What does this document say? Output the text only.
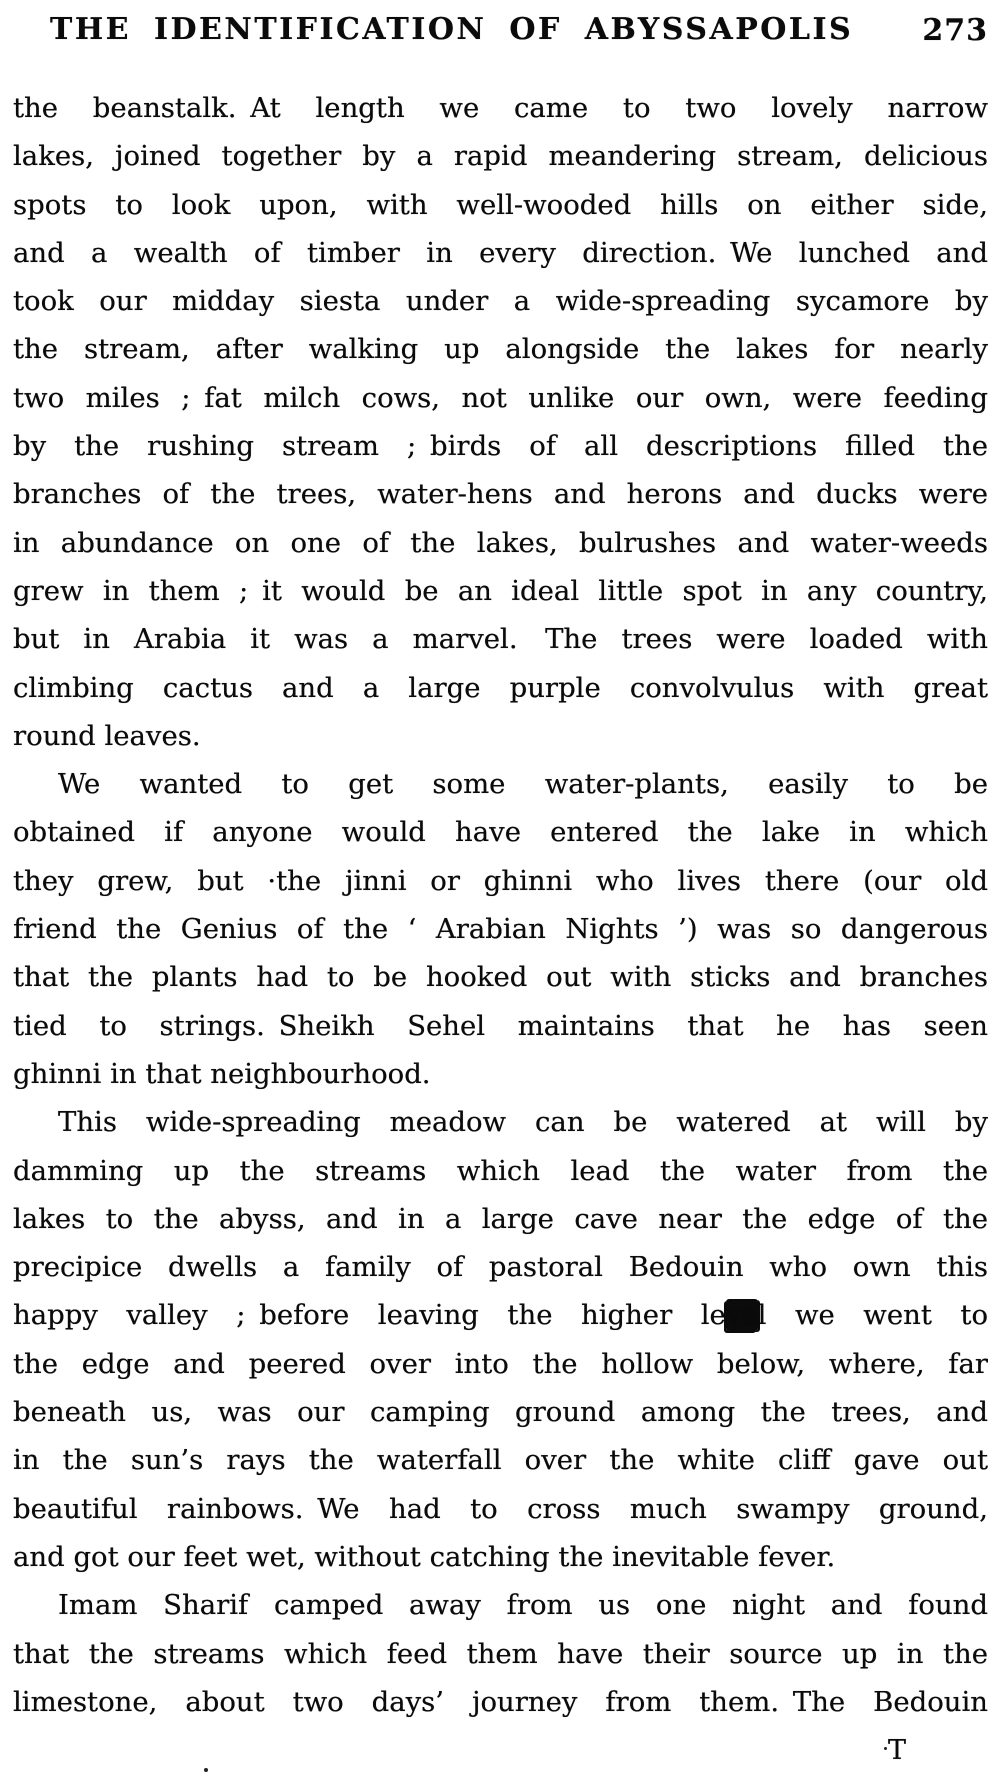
THE IDENTIFICATION OF ABYSSAPOLIS 273
the beanstalk. At length we came to two lovely narrow
lakes, joined together by a rapid meandering stream, delicious
spots to look upon, with well-wooded hills on either side,
and a wealth of timber in every direction. We lunched and
took our midday siesta under a wide-spreading sycamore by
the stream, after walking up alongside the lakes for nearly
two miles ; fat milch cows, not unlike our own, were feeding
by the rushing stream ; birds of all descriptions filled the
branches of the trees, water-hens and herons and ducks were
in abundance on one of the lakes, bulrushes and water-weeds
grew in them ; it would be an ideal little spot in any country,
but in Arabia it was a marvel.  The trees were loaded with
climbing cactus and a large purple convolvulus with great
round leaves.
We wanted to get some water-plants, easily to be
obtained if anyone would have entered the lake in which
they grew, but ·the jinni or ghinni who lives there (our old
friend the Genius of the ‘ Arabian Nights ’) was so dangerous
that the plants had to be hooked out with sticks and branches
tied to strings. Sheikh Sehel maintains that he has seen
ghinni in that neighbourhood.
This wide-spreading meadow can be watered at will by
damming up the streams which lead the water from the
lakes to the abyss, and in a large cave near the edge of the
precipice dwells a family of pastoral Bedouin who own this
happy valley ; before leaving the higher level we went to
the edge and peered over into the hollow below, where, far
beneath us, was our camping ground among the trees, and
in the sun’s rays the waterfall over the white cliff gave out
beautiful rainbows. We had to cross much swampy ground,
and got our feet wet, without catching the inevitable fever.
Imam Sharif camped away from us one night and found
that the streams which feed them have their source up in the
limestone, about two days’ journey from them. The Bedouin
T
